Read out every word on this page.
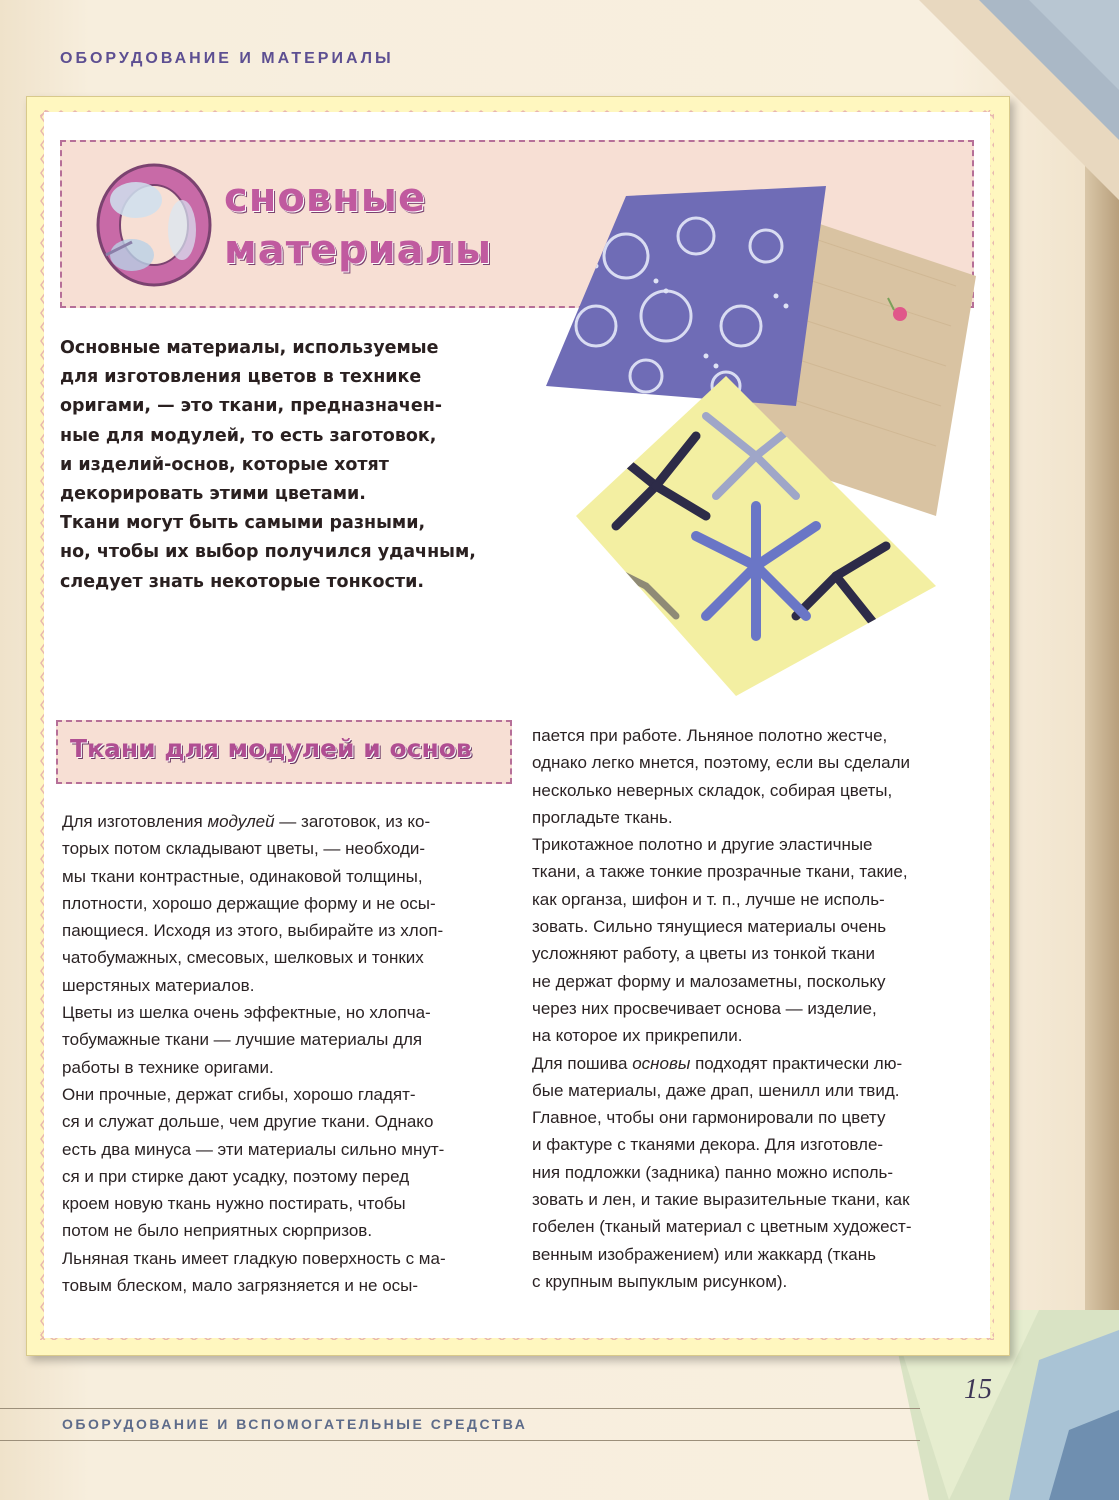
ОБОРУДОВАНИЕ И МАТЕРИАЛЫ
сновные
материалы
Основные материалы, используемые
для изготовления цветов в технике
оригами, — это ткани, предназначен-
ные для модулей, то есть заготовок,
и изделий-основ, которые хотят
декорировать этими цветами.
Ткани могут быть самыми разными,
но, чтобы их выбор получился удачным,
следует знать некоторые тонкости.
Ткани для модулей и основ
Для изготовления модулей — заготовок, из ко-
торых потом складывают цветы, — необходи-
мы ткани контрастные, одинаковой толщины,
плотности, хорошо держащие форму и не осы-
пающиеся. Исходя из этого, выбирайте из хлоп-
чатобумажных, смесовых, шелковых и тонких
шерстяных материалов.
Цветы из шелка очень эффектные, но хлопча-
тобумажные ткани — лучшие материалы для
работы в технике оригами.
Они прочные, держат сгибы, хорошо гладят-
ся и служат дольше, чем другие ткани. Однако
есть два минуса — эти материалы сильно мнут-
ся и при стирке дают усадку, поэтому перед
кроем новую ткань нужно постирать, чтобы
потом не было неприятных сюрпризов.
Льняная ткань имеет гладкую поверхность с ма-
товым блеском, мало загрязняется и не осы-
пается при работе. Льняное полотно жестче,
однако легко мнется, поэтому, если вы сделали
несколько неверных складок, собирая цветы,
прогладьте ткань.
Трикотажное полотно и другие эластичные
ткани, а также тонкие прозрачные ткани, такие,
как органза, шифон и т. п., лучше не исполь-
зовать. Сильно тянущиеся материалы очень
усложняют работу, а цветы из тонкой ткани
не держат форму и малозаметны, поскольку
через них просвечивает основа — изделие,
на которое их прикрепили.
Для пошива основы подходят практически лю-
бые материалы, даже драп, шенилл или твид.
Главное, чтобы они гармонировали по цвету
и фактуре с тканями декора. Для изготовле-
ния подложки (задника) панно можно исполь-
зовать и лен, и такие выразительные ткани, как
гобелен (тканый материал с цветным художест-
венным изображением) или жаккард (ткань
с крупным выпуклым рисунком).
ОБОРУДОВАНИЕ И ВСПОМОГАТЕЛЬНЫЕ СРЕДСТВА
15
